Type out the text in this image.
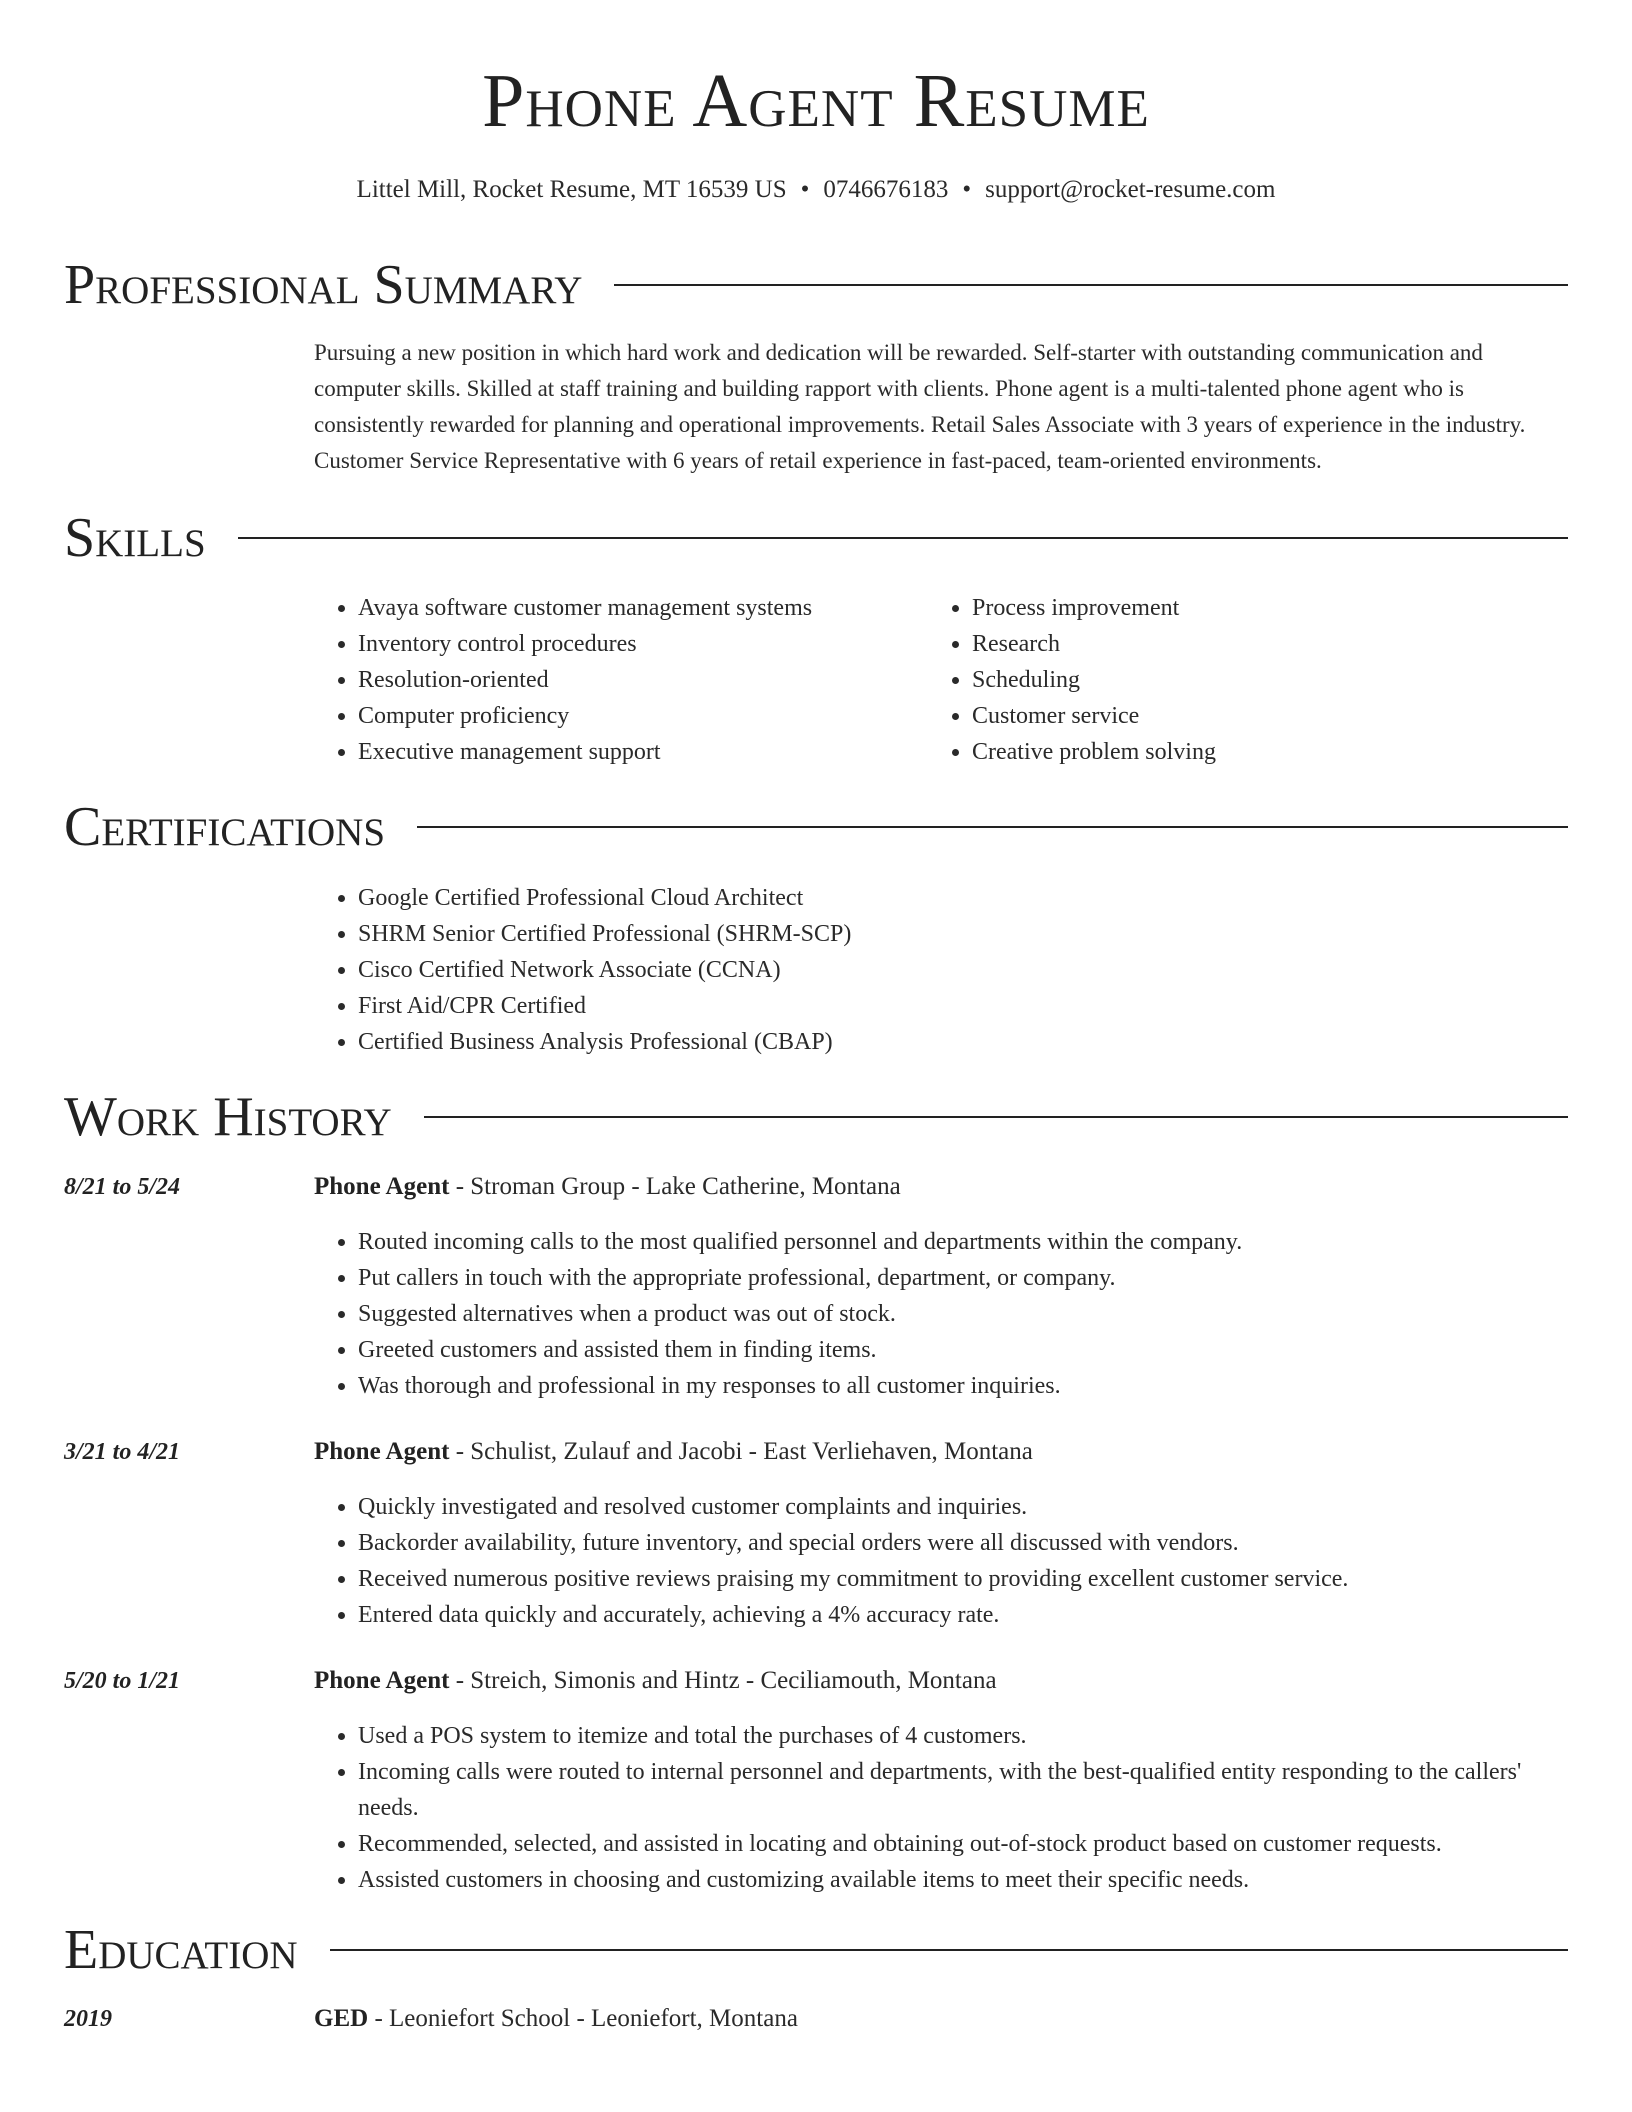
Phone Agent Resume
Littel Mill, Rocket Resume, MT 16539 US • 0746676183 • support@rocket-resume.com
Professional Summary
Pursuing a new position in which hard work and dedication will be rewarded. Self-starter with outstanding communication and computer skills. Skilled at staff training and building rapport with clients. Phone agent is a multi-talented phone agent who is consistently rewarded for planning and operational improvements. Retail Sales Associate with 3 years of experience in the industry. Customer Service Representative with 6 years of retail experience in fast-paced, team-oriented environments.
Skills
• Avaya software customer management systems
• Inventory control procedures
• Resolution-oriented
• Computer proficiency
• Executive management support
• Process improvement
• Research
• Scheduling
• Customer service
• Creative problem solving
Certifications
• Google Certified Professional Cloud Architect
• SHRM Senior Certified Professional (SHRM-SCP)
• Cisco Certified Network Associate (CCNA)
• First Aid/CPR Certified
• Certified Business Analysis Professional (CBAP)
Work History
8/21 to 5/24	Phone Agent - Stroman Group - Lake Catherine, Montana
• Routed incoming calls to the most qualified personnel and departments within the company.
• Put callers in touch with the appropriate professional, department, or company.
• Suggested alternatives when a product was out of stock.
• Greeted customers and assisted them in finding items.
• Was thorough and professional in my responses to all customer inquiries.
3/21 to 4/21	Phone Agent - Schulist, Zulauf and Jacobi - East Verliehaven, Montana
• Quickly investigated and resolved customer complaints and inquiries.
• Backorder availability, future inventory, and special orders were all discussed with vendors.
• Received numerous positive reviews praising my commitment to providing excellent customer service.
• Entered data quickly and accurately, achieving a 4% accuracy rate.
5/20 to 1/21	Phone Agent - Streich, Simonis and Hintz - Ceciliamouth, Montana
• Used a POS system to itemize and total the purchases of 4 customers.
• Incoming calls were routed to internal personnel and departments, with the best-qualified entity responding to the callers' needs.
• Recommended, selected, and assisted in locating and obtaining out-of-stock product based on customer requests.
• Assisted customers in choosing and customizing available items to meet their specific needs.
Education
2019	GED - Leoniefort School - Leoniefort, Montana
